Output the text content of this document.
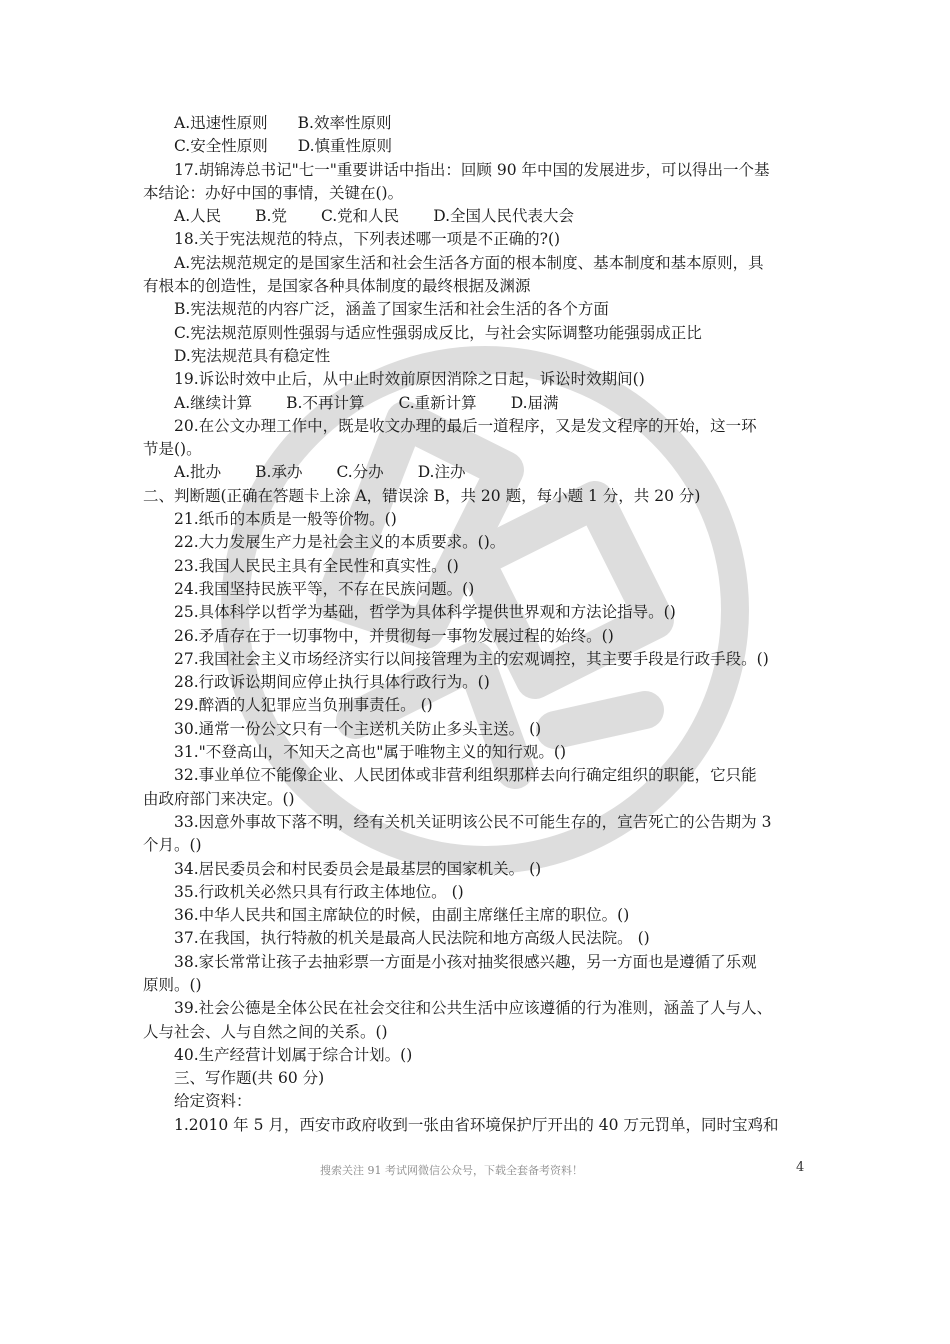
A.迅速性原则 B.效率性原则
C.安全性原则 D.慎重性原则
17.胡锦涛总书记"七一"重要讲话中指出：回顾 90 年中国的发展进步，可以得出一个基
本结论：办好中国的事情，关键在()。
A.人民 B.党 C.党和人民 D.全国人民代表大会
18.关于宪法规范的特点，下列表述哪一项是不正确的?()
A.宪法规范规定的是国家生活和社会生活各方面的根本制度、基本制度和基本原则，具
有根本的创造性，是国家各种具体制度的最终根据及渊源
B.宪法规范的内容广泛，涵盖了国家生活和社会生活的各个方面
C.宪法规范原则性强弱与适应性强弱成反比，与社会实际调整功能强弱成正比
D.宪法规范具有稳定性
19.诉讼时效中止后，从中止时效前原因消除之日起，诉讼时效期间()
A.继续计算 B.不再计算 C.重新计算 D.届满
20.在公文办理工作中，既是收文办理的最后一道程序，又是发文程序的开始，这一环
节是()。
A.批办 B.承办 C.分办 D.注办
二、判断题(正确在答题卡上涂 A，错误涂 B，共 20 题，每小题 1 分，共 20 分)
21.纸币的本质是一般等价物。()
22.大力发展生产力是社会主义的本质要求。()。
23.我国人民民主具有全民性和真实性。()
24.我国坚持民族平等，不存在民族问题。()
25.具体科学以哲学为基础，哲学为具体科学提供世界观和方法论指导。()
26.矛盾存在于一切事物中，并贯彻每一事物发展过程的始终。()
27.我国社会主义市场经济实行以间接管理为主的宏观调控，其主要手段是行政手段。()
28.行政诉讼期间应停止执行具体行政行为。()
29.醉酒的人犯罪应当负刑事责任。 ()
30.通常一份公文只有一个主送机关防止多头主送。 ()
31."不登高山，不知天之高也"属于唯物主义的知行观。()
32.事业单位不能像企业、人民团体或非营利组织那样去向行确定组织的职能，它只能
由政府部门来决定。()
33.因意外事故下落不明，经有关机关证明该公民不可能生存的，宣告死亡的公告期为 3
个月。()
34.居民委员会和村民委员会是最基层的国家机关。 ()
35.行政机关必然只具有行政主体地位。 ()
36.中华人民共和国主席缺位的时候，由副主席继任主席的职位。()
37.在我国，执行特赦的机关是最高人民法院和地方高级人民法院。 ()
38.家长常常让孩子去抽彩票一方面是小孩对抽奖很感兴趣，另一方面也是遵循了乐观
原则。()
39.社会公德是全体公民在社会交往和公共生活中应该遵循的行为准则，涵盖了人与人、
人与社会、人与自然之间的关系。()
40.生产经营计划属于综合计划。()
三、写作题(共 60 分)
给定资料：
1.2010 年 5 月，西安市政府收到一张由省环境保护厅开出的 40 万元罚单，同时宝鸡和
搜索关注 91 考试网微信公众号，下载全套备考资料！	4
